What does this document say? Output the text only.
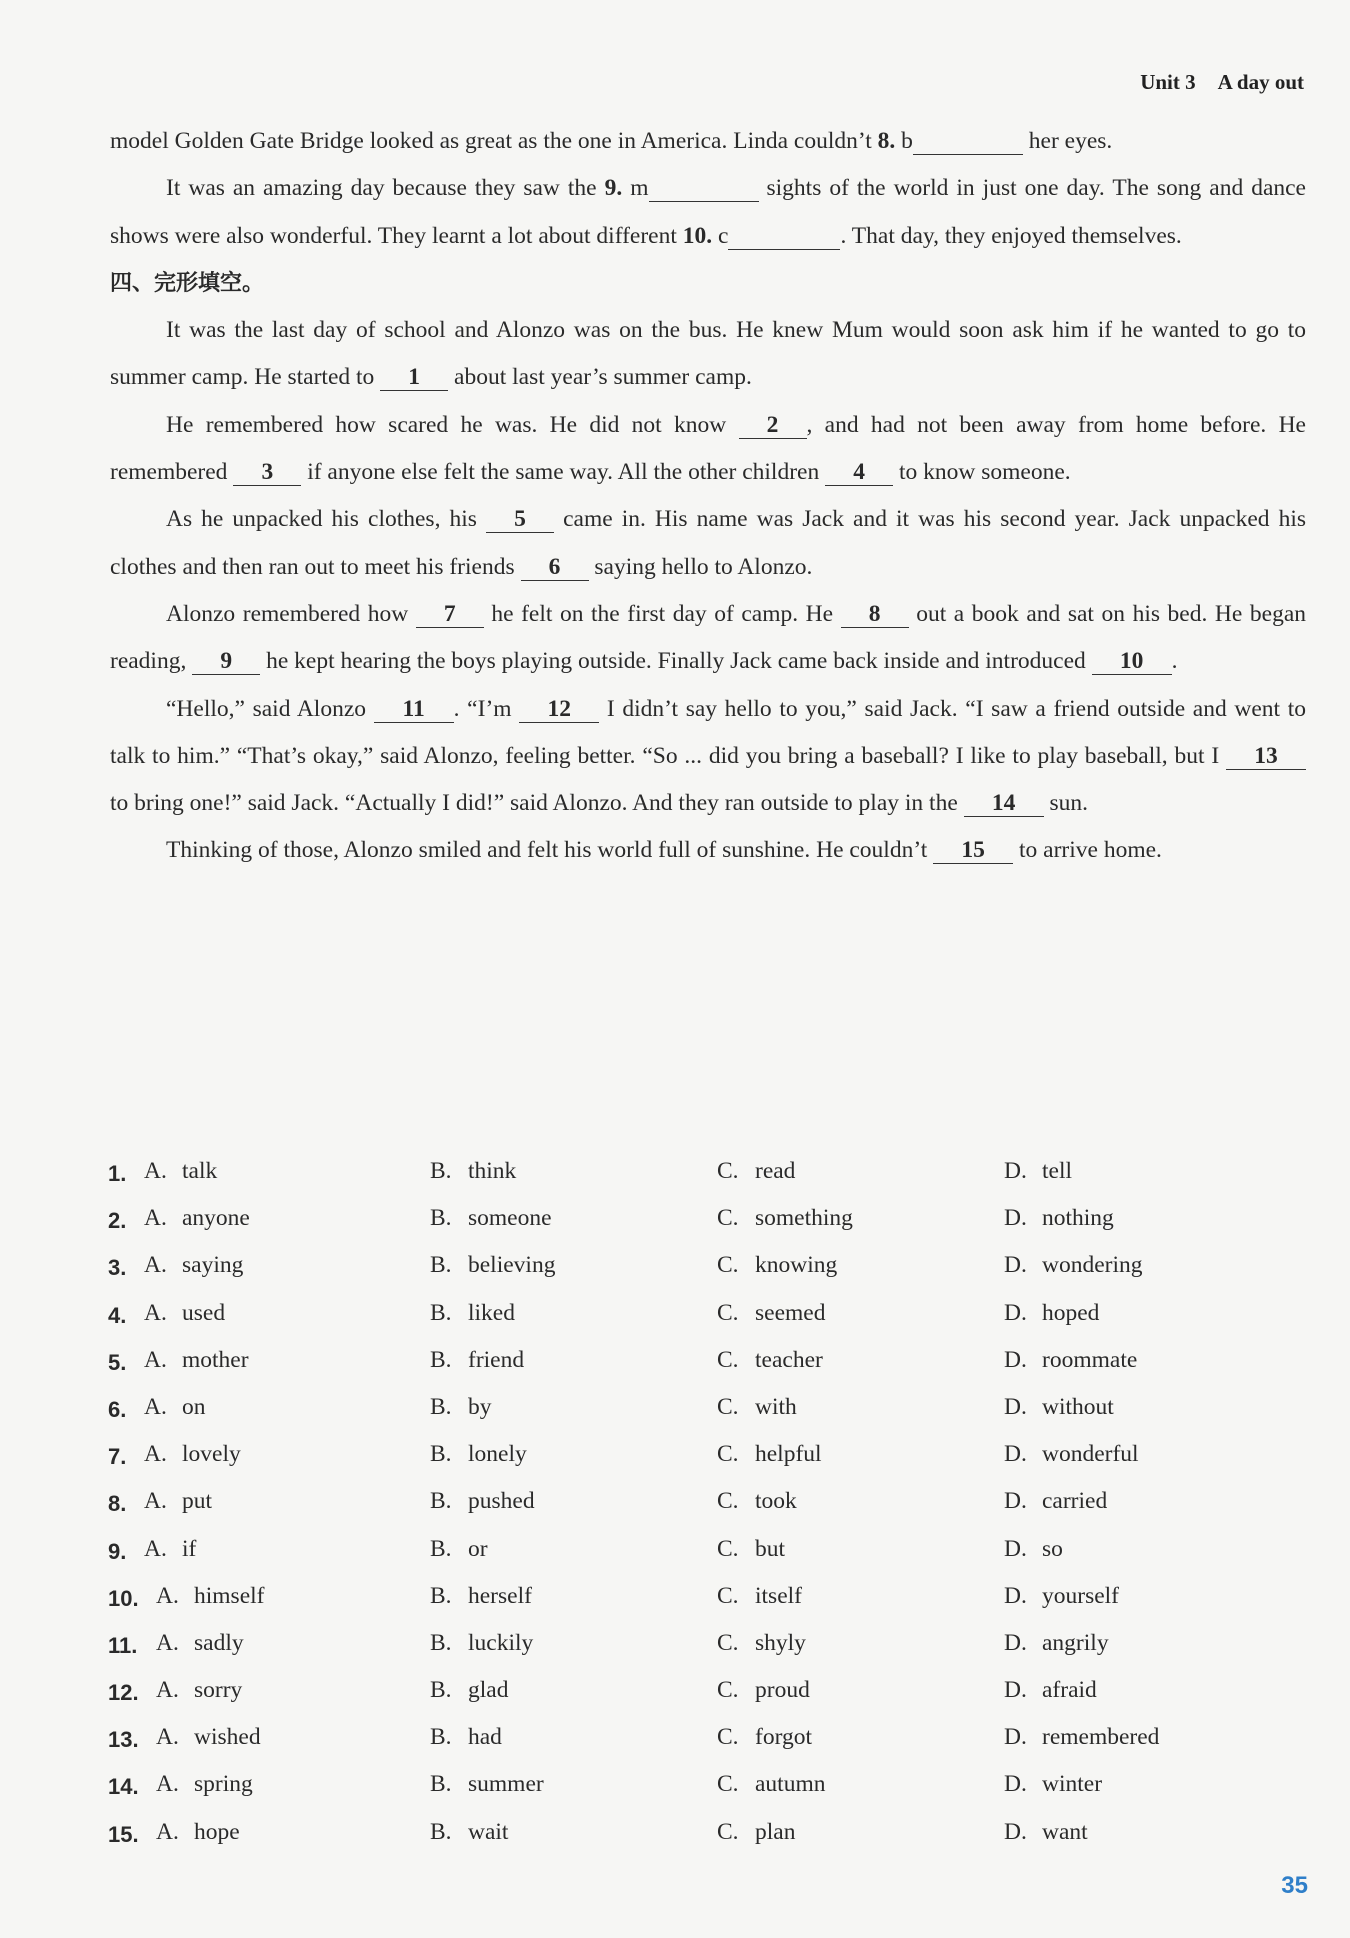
Unit 3 A day out

model Golden Gate Bridge looked as great as the one in America. Linda couldn’t 8. b	her eyes.

It was an amazing day because they saw the 9. m	sights of the world in just one day. The song and dance shows were also wonderful. They learnt a lot about different 10. c	. That day, they enjoyed themselves.

四、完形填空。

It was the last day of school and Alonzo was on the bus. He knew Mum would soon ask him if he wanted to go to summer camp. He started to 1 about last year’s summer camp.

He remembered how scared he was. He did not know 2 , and had not been away from home before. He remembered 3 if anyone else felt the same way. All the other children 4 to know someone.

As he unpacked his clothes, his 5 came in. His name was Jack and it was his second year. Jack unpacked his clothes and then ran out to meet his friends 6 saying hello to Alonzo.

Alonzo remembered how 7 he felt on the first day of camp. He 8 out a book and sat on his bed. He began reading, 9 he kept hearing the boys playing outside. Finally Jack came back inside and introduced 10 .

“Hello,” said Alonzo 11 . “I’m 12 I didn’t say hello to you,” said Jack. “I saw a friend outside and went to talk to him.” “That’s okay,” said Alonzo, feeling better. “So ... did you bring a baseball? I like to play baseball, but I 13 to bring one!” said Jack. “Actually I did!” said Alonzo. And they ran outside to play in the 14 sun.

Thinking of those, Alonzo smiled and felt his world full of sunshine. He couldn’t 15 to arrive home.

1. A. talk	B. think	C. read	D. tell
2. A. anyone	B. someone	C. something	D. nothing
3. A. saying	B. believing	C. knowing	D. wondering
4. A. used	B. liked	C. seemed	D. hoped
5. A. mother	B. friend	C. teacher	D. roommate
6. A. on	B. by	C. with	D. without
7. A. lovely	B. lonely	C. helpful	D. wonderful
8. A. put	B. pushed	C. took	D. carried
9. A. if	B. or	C. but	D. so
10. A. himself	B. herself	C. itself	D. yourself
11. A. sadly	B. luckily	C. shyly	D. angrily
12. A. sorry	B. glad	C. proud	D. afraid
13. A. wished	B. had	C. forgot	D. remembered
14. A. spring	B. summer	C. autumn	D. winter
15. A. hope	B. wait	C. plan	D. want
35
